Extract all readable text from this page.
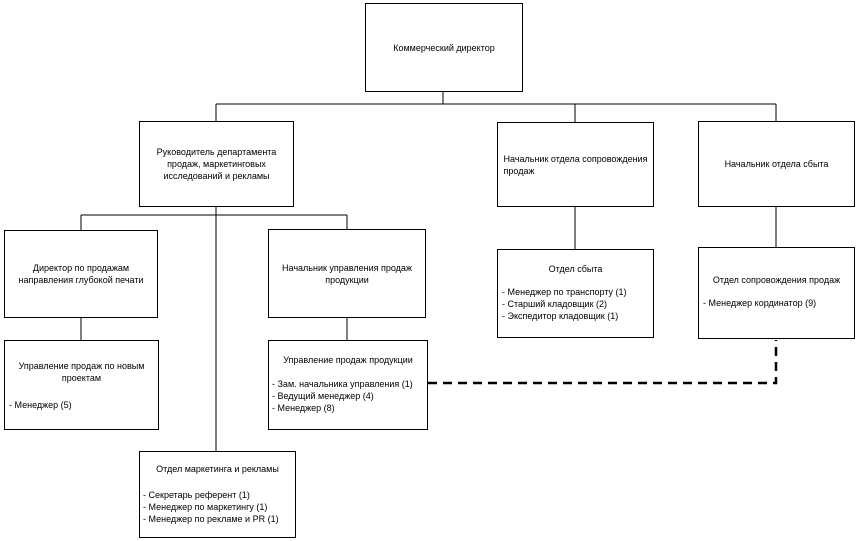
Коммерческий директор
Руководитель департамента
продаж, маркетинговых
исследований и рекламы
Начальник отдела сопровождения
продаж
Начальник отдела сбыта
Директор по продажам
направления глубокой печати
Начальник управления продаж
продукции
Управление продаж по новым
проектам
- Менеджер (5)
Управление продаж продукции
- Зам. начальника управления (1)
- Ведущий менеджер (4)
- Менеджер (8)
Отдел сбыта
- Менеджер по транспорту (1)
- Старший кладовщик (2)
- Экспедитор кладовщик (1)
Отдел сопровождения продаж
- Менеджер кординатор (9)
Отдел маркетинга и рекламы
- Секретарь референт (1)
- Менеджер по маркетингу (1)
- Менеджер по рекламе и PR (1)
